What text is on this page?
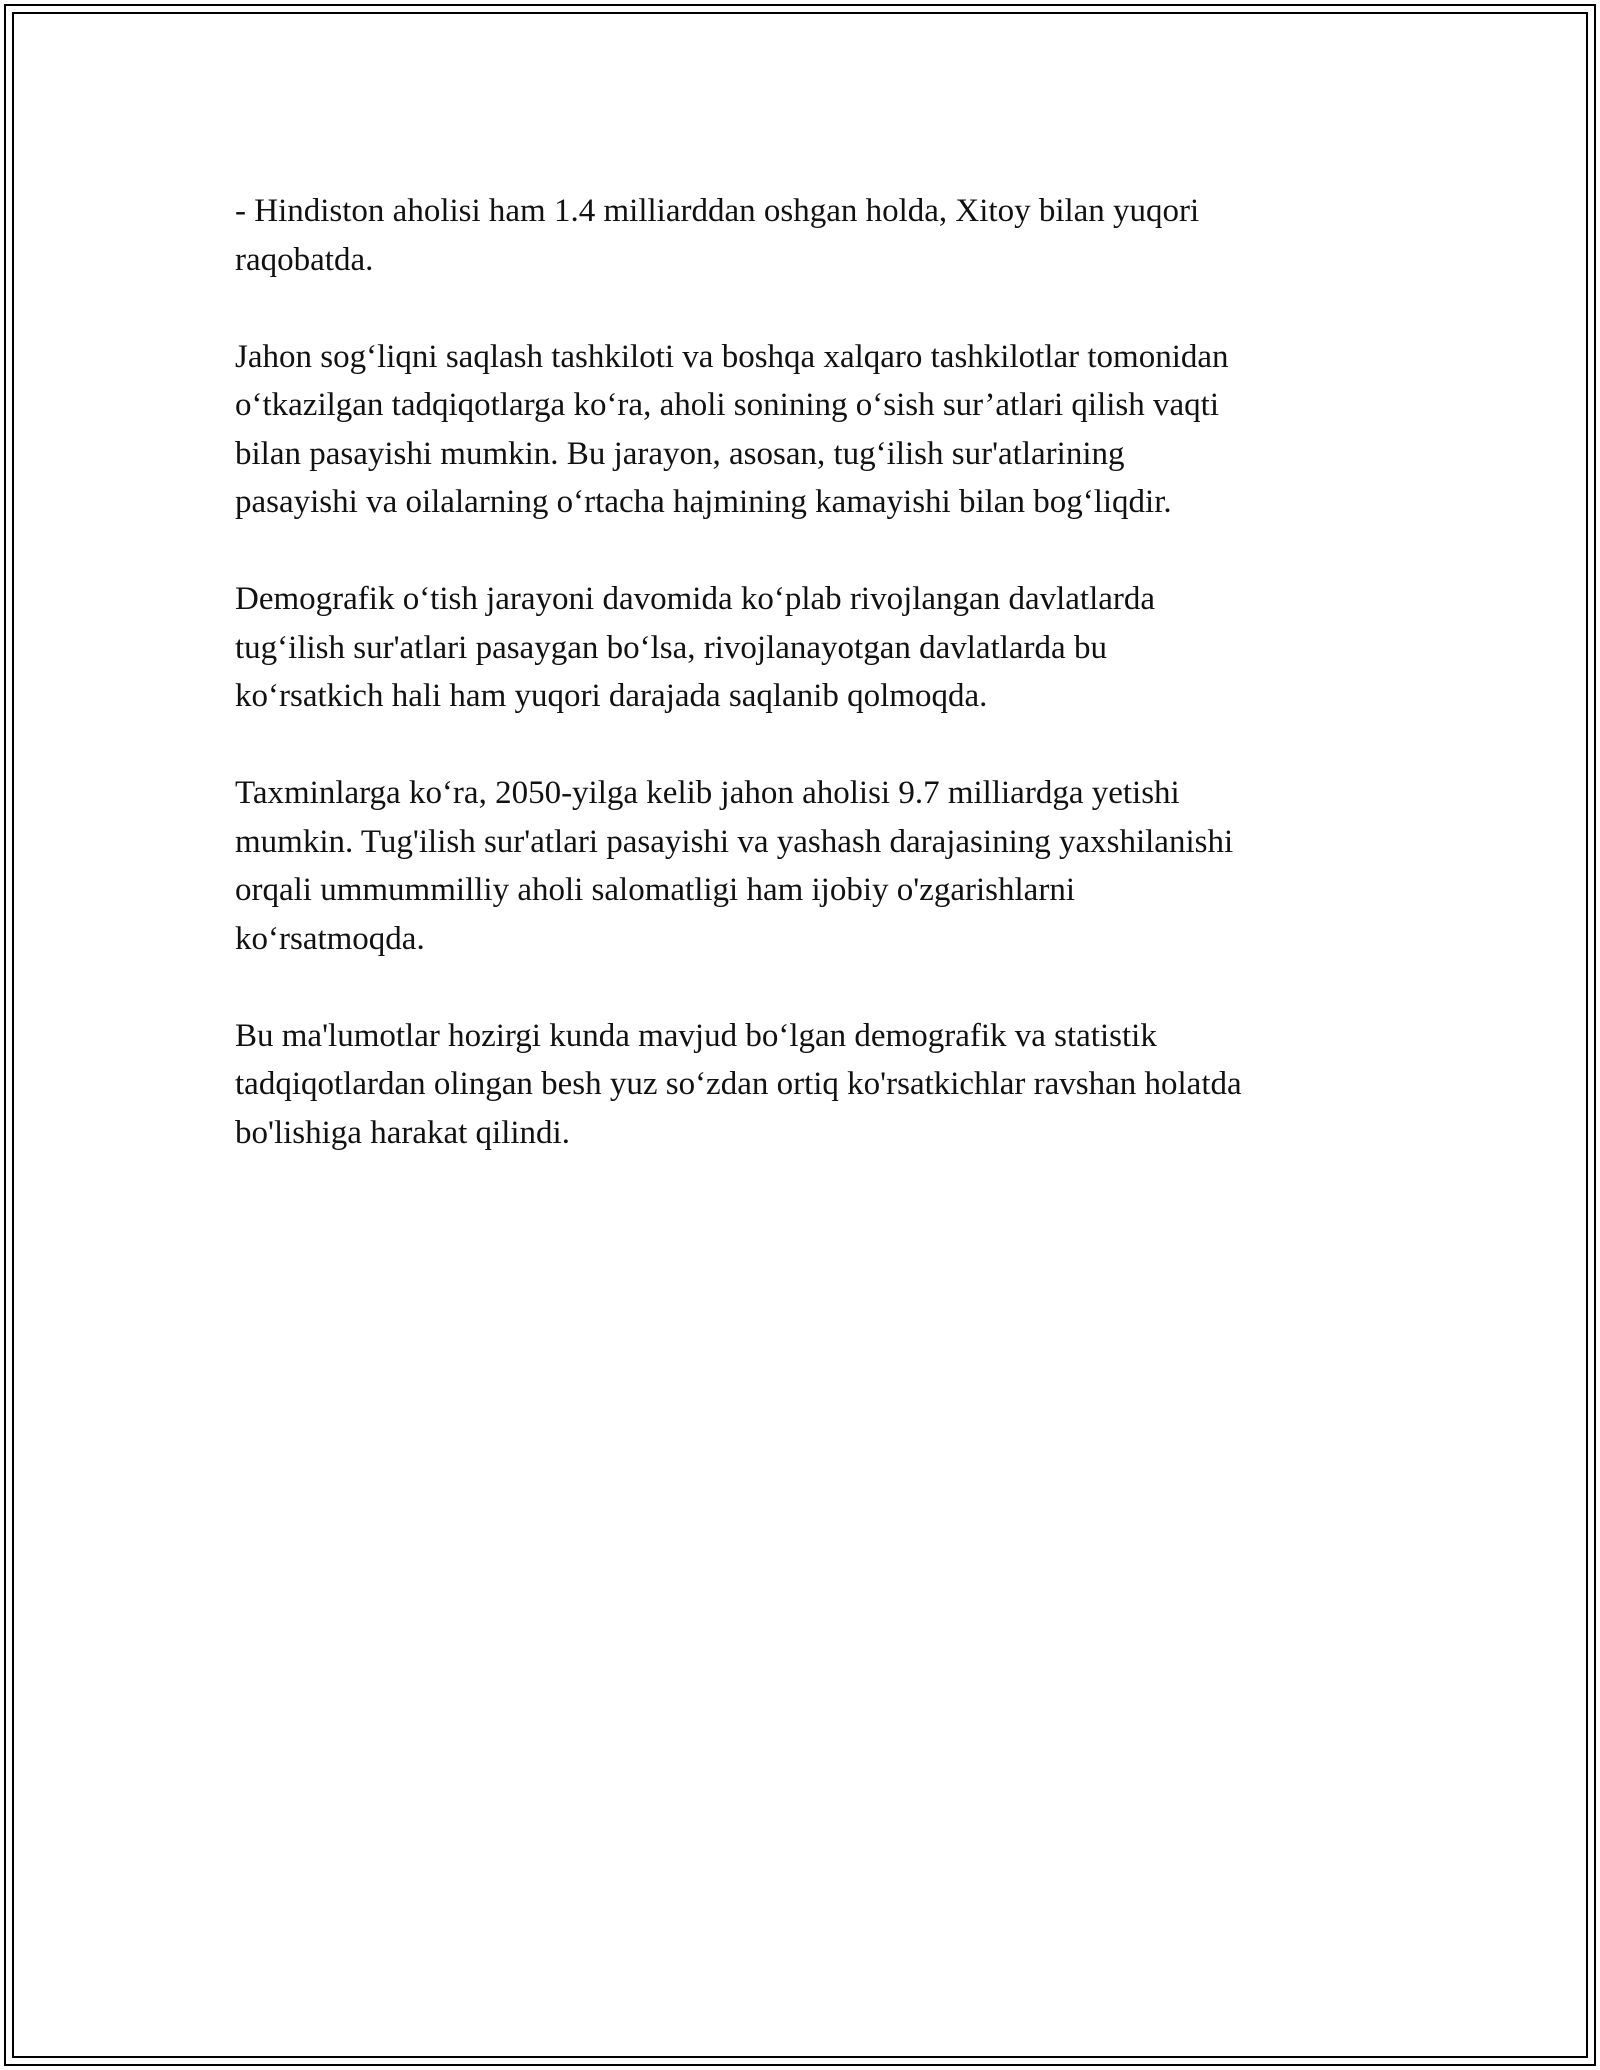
- Hindiston aholisi ham 1.4 milliarddan oshgan holda, Xitoy bilan yuqori
raqobatda.

Jahon sog‘liqni saqlash tashkiloti va boshqa xalqaro tashkilotlar tomonidan
o‘tkazilgan tadqiqotlarga ko‘ra, aholi sonining o‘sish sur’atlari qilish vaqti
bilan pasayishi mumkin. Bu jarayon, asosan, tug‘ilish sur'atlarining
pasayishi va oilalarning o‘rtacha hajmining kamayishi bilan bog‘liqdir.

Demografik o‘tish jarayoni davomida ko‘plab rivojlangan davlatlarda
tug‘ilish sur'atlari pasaygan bo‘lsa, rivojlanayotgan davlatlarda bu
ko‘rsatkich hali ham yuqori darajada saqlanib qolmoqda.

Taxminlarga ko‘ra, 2050-yilga kelib jahon aholisi 9.7 milliardga yetishi
mumkin. Tug'ilish sur'atlari pasayishi va yashash darajasining yaxshilanishi
orqali ummummilliy aholi salomatligi ham ijobiy o'zgarishlarni
ko‘rsatmoqda.

Bu ma'lumotlar hozirgi kunda mavjud bo‘lgan demografik va statistik
tadqiqotlardan olingan besh yuz so‘zdan ortiq ko'rsatkichlar ravshan holatda
bo'lishiga harakat qilindi.
